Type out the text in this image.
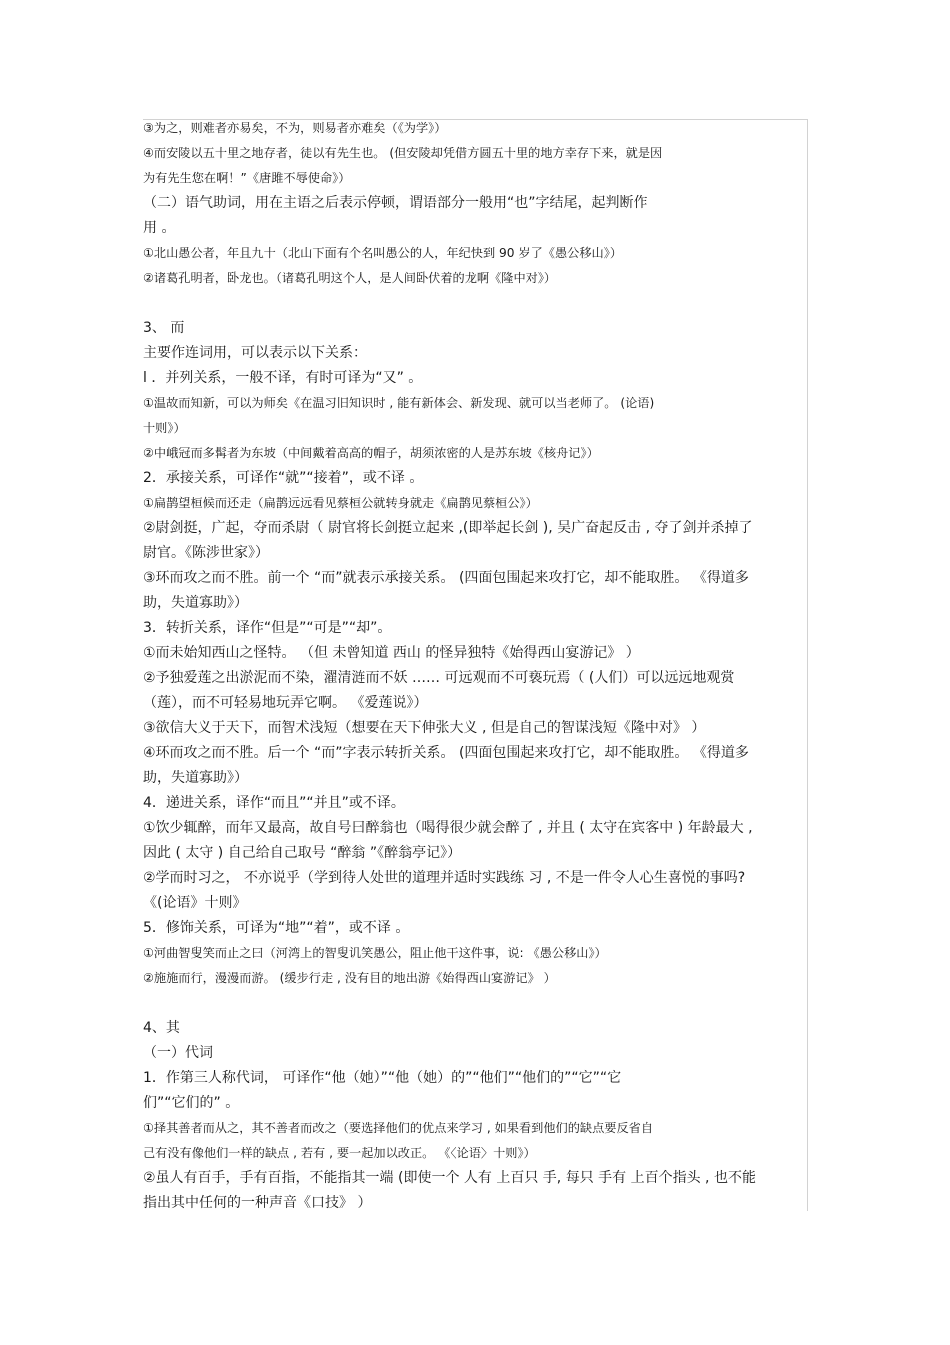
③为之，则难者亦易矣，不为，则易者亦难矣（《为学》）

④而安陵以五十里之地存者，徒以有先生也。 (但安陵却凭借方圆五十里的地方幸存下来，就是因

为有先生您在啊！”《唐雎不辱使命》）

（二）语气助词，用在主语之后表示停顿，谓语部分一般用“也”字结尾，起判断作

用 。

①北山愚公者，年且九十（北山下面有个名叫愚公的人，年纪快到 90 岁了《愚公移山》）

②诸葛孔明者，卧龙也。（诸葛孔明这个人，是人间卧伏着的龙啊《隆中对》）

3、 而

主要作连词用，可以表示以下关系：

l ．并列关系，一般不译，有时可译为“又” 。

①温故而知新，可以为师矣《在温习旧知识时 , 能有新体会、新发现、就可以当老师了。 (论语)

十则》）

②中峨冠而多髯者为东坡（中间戴着高高的帽子，胡须浓密的人是苏东坡《核舟记》）

2．承接关系，可译作“就”“接着”，或不译 。

①扁鹊望桓候而还走（扁鹊远远看见蔡桓公就转身就走《扁鹊见蔡桓公》）

②尉剑挺，广起，夺而杀尉（ 尉官将长剑挺立起来 ,(即举起长剑 ), 吴广奋起反击 , 夺了剑并杀掉了

尉官。《陈涉世家》）

③环而攻之而不胜。前一个 “而”就表示承接关系。 (四面包围起来攻打它，却不能取胜。 《得道多

助，失道寡助》）

3．转折关系，译作“但是”“可是”“却”。

①而未始知西山之怪特。 （但 未曾知道 西山 的怪异独特《始得西山宴游记》 ）

②予独爱莲之出淤泥而不染，濯清涟而不妖 …… 可远观而不可亵玩焉（ (人们）可以远远地观赏

（莲），而不可轻易地玩弄它啊。 《爱莲说》）

③欲信大义于天下，而智术浅短（想要在天下伸张大义 , 但是自己的智谋浅短《隆中对》 ）

④环而攻之而不胜。后一个 “而”字表示转折关系。 (四面包围起来攻打它，却不能取胜。 《得道多

助，失道寡助》）

4．递进关系，译作“而且”“并且”或不译。

①饮少辄醉，而年又最高，故自号曰醉翁也（喝得很少就会醉了 , 并且 ( 太守在宾客中 ) 年龄最大 ,

因此 ( 太守 ) 自己给自己取号 “醉翁 ”《醉翁亭记》）

②学而时习之， 不亦说乎（学到待人处世的道理并适时实践练 习 , 不是一件令人心生喜悦的事吗?

《(论语》十则》

5．修饰关系，可译为“地”“着”，或不译 。

①河曲智叟笑而止之曰（河湾上的智叟讥笑愚公，阻止他干这件事，说: 《愚公移山》）

②施施而行，漫漫而游。 (缓步行走 , 没有目的地出游《始得西山宴游记》 ）

4、其

（一）代词

1．作第三人称代词， 可译作“他（她）”“他（她）的”“他们”“他们的”“它”“它

们”“它们的” 。

①择其善者而从之，其不善者而改之（要选择他们的优点来学习 , 如果看到他们的缺点要反省自

己有没有像他们一样的缺点 , 若有 , 要一起加以改正。 《〈论语〉十则》）

②虽人有百手，手有百指，不能指其一端 (即使一个 人有 上百只 手, 每只 手有 上百个指头 , 也不能

指出其中任何的一种声音《口技》 ）
